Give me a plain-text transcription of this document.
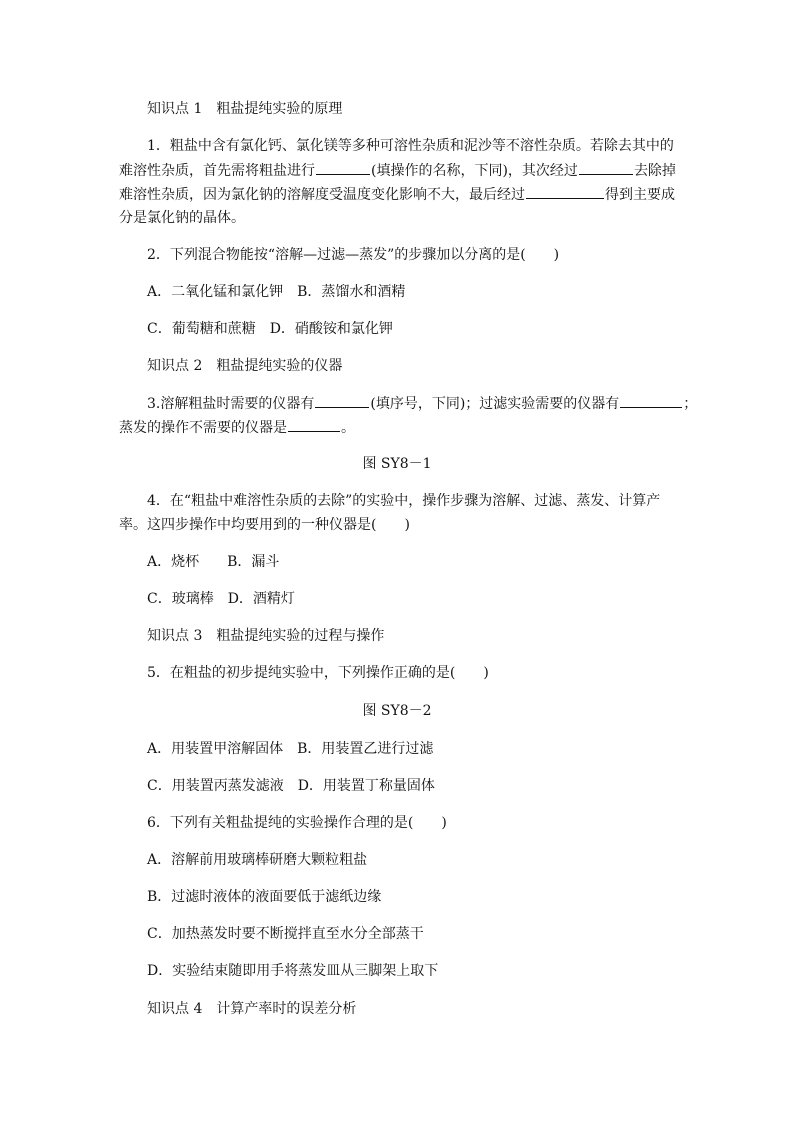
知识点 1　粗盐提纯实验的原理
1．粗盐中含有氯化钙、氯化镁等多种可溶性杂质和泥沙等不溶性杂质。若除去其中的
难溶性杂质，首先需将粗盐进行	(填操作的名称，下同)，其次经过	去除掉
难溶性杂质，因为氯化钠的溶解度受温度变化影响不大，最后经过	得到主要成
分是氯化钠的晶体。
2．下列混合物能按“溶解—过滤—蒸发”的步骤加以分离的是(　　)
A．二氧化锰和氯化钾　B．蒸馏水和酒精
C．葡萄糖和蔗糖　D．硝酸铵和氯化钾
知识点 2　粗盐提纯实验的仪器
3.溶解粗盐时需要的仪器有	(填序号，下同)；过滤实验需要的仪器有	；
蒸发的操作不需要的仪器是	。
图 SY8－1
4．在“粗盐中难溶性杂质的去除”的实验中，操作步骤为溶解、过滤、蒸发、计算产
率。这四步操作中均要用到的一种仪器是(　　)
A．烧杯　　B．漏斗
C．玻璃棒　D．酒精灯
知识点 3　粗盐提纯实验的过程与操作
5．在粗盐的初步提纯实验中，下列操作正确的是(　　)
图 SY8－2
A．用装置甲溶解固体　B．用装置乙进行过滤
C．用装置丙蒸发滤液　D．用装置丁称量固体
6．下列有关粗盐提纯的实验操作合理的是(　　)
A．溶解前用玻璃棒研磨大颗粒粗盐
B．过滤时液体的液面要低于滤纸边缘
C．加热蒸发时要不断搅拌直至水分全部蒸干
D．实验结束随即用手将蒸发皿从三脚架上取下
知识点 4　计算产率时的误差分析
